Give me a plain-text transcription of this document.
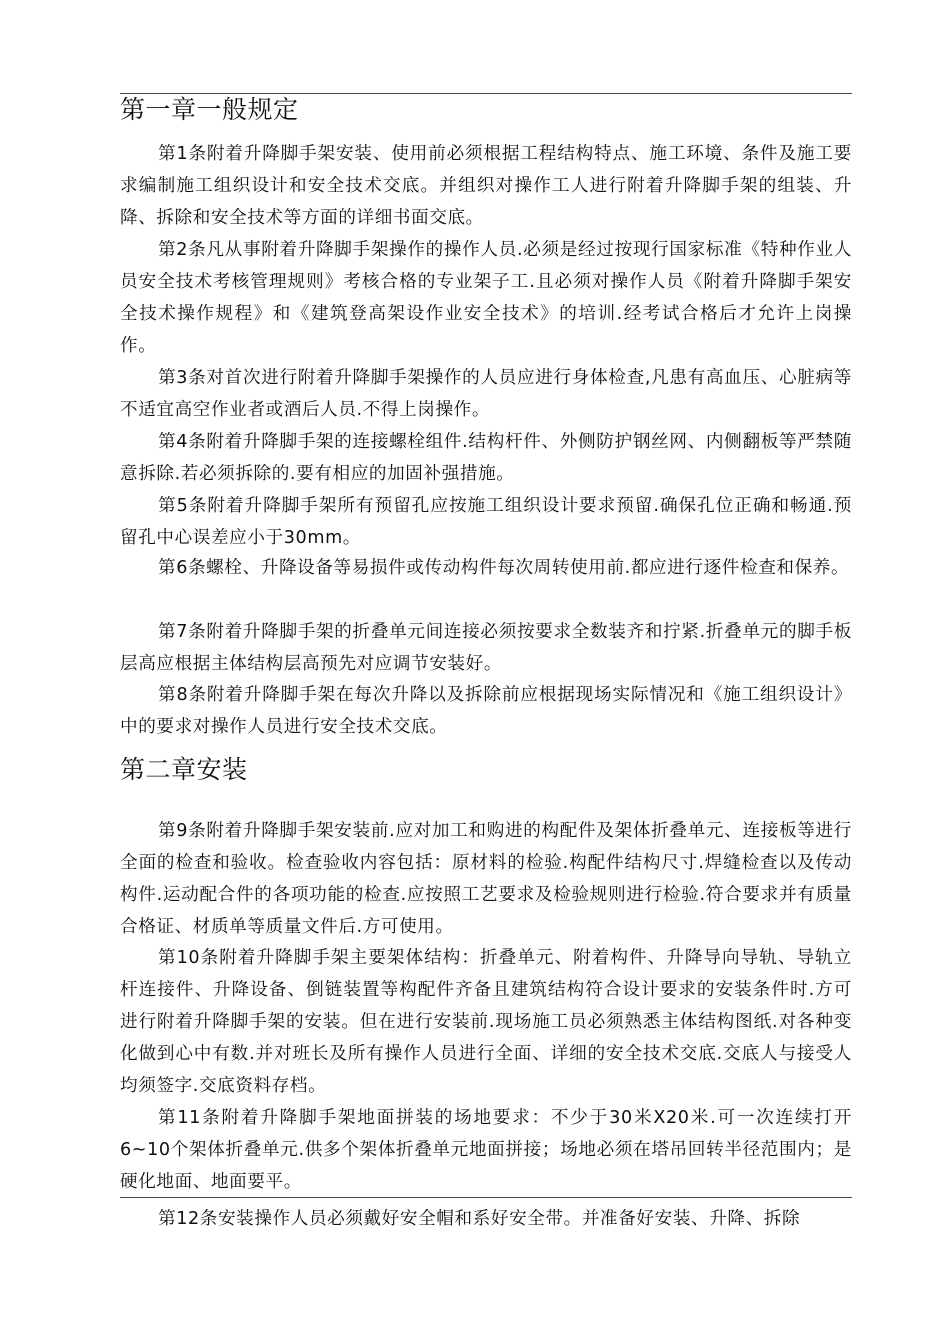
第一章一般规定

第1条附着升降脚手架安装、使用前必须根据工程结构特点、施工环境、条件及施工要求编制施工组织设计和安全技术交底。并组织对操作工人进行附着升降脚手架的组装、升降、拆除和安全技术等方面的详细书面交底。

第2条凡从事附着升降脚手架操作的操作人员.必须是经过按现行国家标准《特种作业人员安全技术考核管理规则》考核合格的专业架子工.且必须对操作人员《附着升降脚手架安全技术操作规程》和《建筑登高架设作业安全技术》的培训.经考试合格后才允许上岗操作。

第3条对首次进行附着升降脚手架操作的人员应进行身体检查,凡患有高血压、心脏病等不适宜高空作业者或酒后人员.不得上岗操作。

第4条附着升降脚手架的连接螺栓组件.结构杆件、外侧防护钢丝网、内侧翻板等严禁随意拆除.若必须拆除的.要有相应的加固补强措施。

第5条附着升降脚手架所有预留孔应按施工组织设计要求预留.确保孔位正确和畅通.预留孔中心误差应小于30mm。

第6条螺栓、升降设备等易损件或传动构件每次周转使用前.都应进行逐件检查和保养。

第7条附着升降脚手架的折叠单元间连接必须按要求全数装齐和拧紧.折叠单元的脚手板层高应根据主体结构层高预先对应调节安装好。

第8条附着升降脚手架在每次升降以及拆除前应根据现场实际情况和《施工组织设计》中的要求对操作人员进行安全技术交底。

第二章安装

第9条附着升降脚手架安装前.应对加工和购进的构配件及架体折叠单元、连接板等进行全面的检查和验收。检查验收内容包括：原材料的检验.构配件结构尺寸.焊缝检查以及传动构件.运动配合件的各项功能的检查.应按照工艺要求及检验规则进行检验.符合要求并有质量合格证、材质单等质量文件后.方可使用。

第10条附着升降脚手架主要架体结构：折叠单元、附着构件、升降导向导轨、导轨立杆连接件、升降设备、倒链装置等构配件齐备且建筑结构符合设计要求的安装条件时.方可进行附着升降脚手架的安装。但在进行安装前.现场施工员必须熟悉主体结构图纸.对各种变化做到心中有数.并对班长及所有操作人员进行全面、详细的安全技术交底.交底人与接受人均须签字.交底资料存档。

第11条附着升降脚手架地面拼装的场地要求：不少于30米X20米.可一次连续打开6~10个架体折叠单元.供多个架体折叠单元地面拼接；场地必须在塔吊回转半径范围内；是硬化地面、地面要平。

第12条安装操作人员必须戴好安全帽和系好安全带。并准备好安装、升降、拆除
